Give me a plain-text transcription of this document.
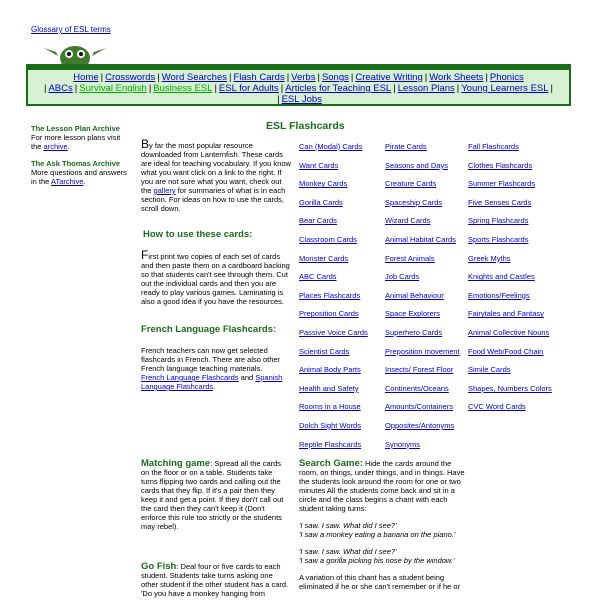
Glossary of ESL terms
Home | Crosswords | Word Searches | Flash Cards | Verbs | Songs | Creative Writing | Work Sheets | Phonics
| ABCs | Survival English | Business ESL | ESL for Adults | Articles for Teaching ESL | Lesson Plans | Young Learners ESL |
| ESL Jobs

The Lesson Plan Archive
For more lesson plans visit the archive.

The Ask Thomas Archive
More questions and answers in the ATarchive.

ESL Flashcards
By far the most popular resource downloaded from Lanternfish. These cards are ideal for teaching vocabulary. If you know what you want click on a link to the right. If you are not sure what you want, check out the gallery for summaries of what is in each section. For ideas on how to use the cards, scroll down.
How to use these cards:
First print two copies of each set of cards and then paste them on a cardboard backing so that students can't see through them. Cut out the individual cards and then you are ready to play various games. Laminating is also a good idea if you have the resources.
French Language Flashcards:
French teachers can now get selected flashcards in French. There are also other French language teaching materials.
French Language Flashcards and Spanish Language Flashcards.
Can (Modal) Cards
Want Cards
Monkey Cards
Gorilla Cards
Bear Cards
Classroom Cards
Monster Cards
ABC Cards
Places Flashcards
Preposition Cards
Passive Voice Cards
Scientist Cards
Animal Body Parts
Health and Safety
Rooms in a House
Dolch Sight Words
Reptile Flashcards
Pirate Cards
Seasons and Days
Creature Cards
Spaceship Cards
Wizard Cards
Animal Habitat Cards
Forest Animals
Job Cards
Animal Behaviour
Space Explorers
Superhero Cards
Preposition movement
Insects/ Forest Floor
Continents/Oceans
Amounts/Containers
Opposites/Antonyms
Synonyms
Fall Flashcards
Clothes Flashcards
Summer Flashcards
Five Senses Cards
Spring Flashcards
Sports Flashcards
Greek Myths
Knights and Castles
Emotions/Feelings
Fairytales and Fantasy
Animal Collective Nouns
Food Web/Food Chain
Simile Cards
Shapes, Numbers Colors
CVC Word Cards

Matching game: Spread all the cards on the floor or on a table. Students take turns flipping two cards and calling out the cards that they flip. If it's a pair then they keep it and get a point. If they don't call out the card then they can't keep it (Don't enforce this rule too strictly or the students may rebel).

Go Fish: Deal four or five cards to each student. Students take turns asking one other student if the other student has a card. 'Do you have a monkey hanging from

Search Game: Hide the cards around the room, on things, under things, and in things. Have the students look around the room for one or two minutes All the students come back and sit in a circle and the class begins a chant with each student taking turns:

'I saw. I saw. What did I see?'
'I saw a monkey eating a banana on the piano.'

'I saw. I saw. What did I see?'
'I saw a gorilla picking his nose by the window.'

A variation of this chant has a student being eliminated if he or she can't remember or if he or
